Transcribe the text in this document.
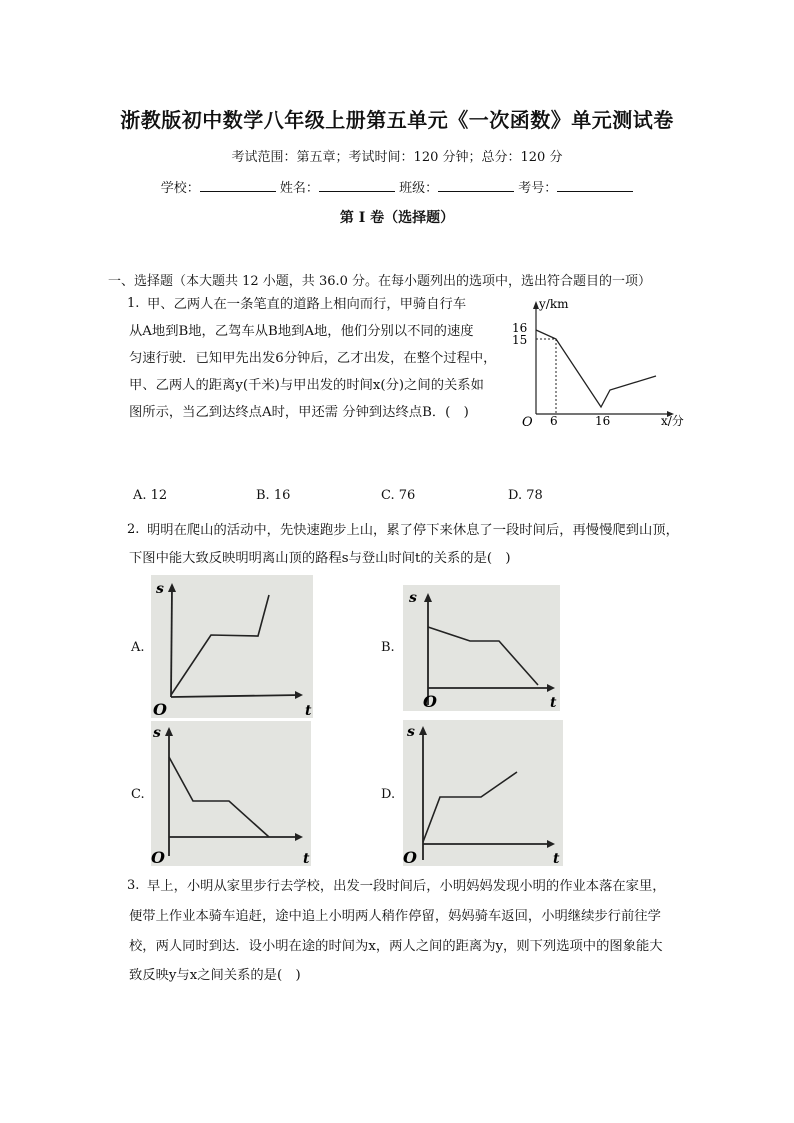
浙教版初中数学八年级上册第五单元《一次函数》单元测试卷
考试范围：第五章；考试时间：120 分钟；总分：120 分
学校：	姓名：	班级：	考号：
第 I 卷（选择题）
一、选择题（本大题共 12 小题，共 36.0 分。在每小题列出的选项中，选出符合题目的一项）
1. 甲、乙两人在一条笔直的道路上相向而行，甲骑自行车
从A地到B地，乙驾车从B地到A地，他们分别以不同的速度
匀速行驶．已知甲先出发6分钟后，乙才出发，在整个过程中，
甲、乙两人的距离y(千米)与甲出发的时间x(分)之间的关系如
图所示，当乙到达终点A时，甲还需 分钟到达终点B．(　)
y/km
x/分
O
16
15
6	16
A. 12	B. 16	C. 76	D. 78
2. 明明在爬山的活动中，先快速跑步上山，累了停下来休息了一段时间后，再慢慢爬到山顶，
下图中能大致反映明明离山顶的路程s与登山时间t的关系的是(　)
A.	B.
C.	D.
s
O	t
s
O	t
s
O	t
s
O	t
3. 早上，小明从家里步行去学校，出发一段时间后，小明妈妈发现小明的作业本落在家里，
便带上作业本骑车追赶，途中追上小明两人稍作停留，妈妈骑车返回，小明继续步行前往学
校，两人同时到达．设小明在途的时间为x，两人之间的距离为y，则下列选项中的图象能大
致反映y与x之间关系的是(　)
